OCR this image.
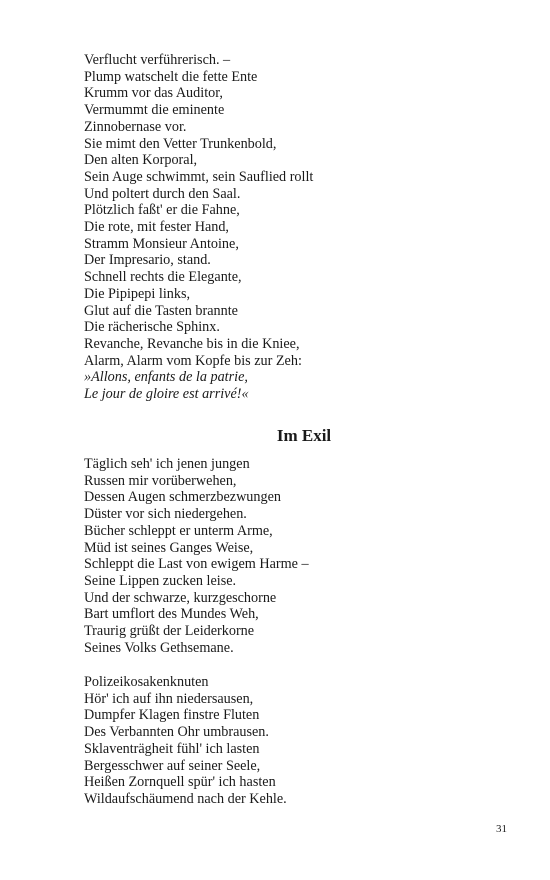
Verflucht verführerisch. –
Plump watschelt die fette Ente
Krumm vor das Auditor,
Vermummt die eminente
Zinnobernase vor.
Sie mimt den Vetter Trunkenbold,
Den alten Korporal,
Sein Auge schwimmt, sein Sauflied rollt
Und poltert durch den Saal.
Plötzlich faßt' er die Fahne,
Die rote, mit fester Hand,
Stramm Monsieur Antoine,
Der Impresario, stand.
Schnell rechts die Elegante,
Die Pipipepi links,
Glut auf die Tasten brannte
Die rächerische Sphinx.
Revanche, Revanche bis in die Kniee,
Alarm, Alarm vom Kopfe bis zur Zeh:
»Allons, enfants de la patrie,
Le jour de gloire est arrivé!«
Im Exil
Täglich seh' ich jenen jungen
Russen mir vorüberwehen,
Dessen Augen schmerzbezwungen
Düster vor sich niedergehen.
Bücher schleppt er unterm Arme,
Müd ist seines Ganges Weise,
Schleppt die Last von ewigem Harme –
Seine Lippen zucken leise.
Und der schwarze, kurzgeschorne
Bart umflort des Mundes Weh,
Traurig grüßt der Leiderkorne
Seines Volks Gethsemane.
Polizeikosakenknuten
Hör' ich auf ihn niedersausen,
Dumpfer Klagen finstre Fluten
Des Verbannten Ohr umbrausen.
Sklaventrägheit fühl' ich lasten
Bergesschwer auf seiner Seele,
Heißen Zornquell spür' ich hasten
Wildaufschäumend nach der Kehle.
31
